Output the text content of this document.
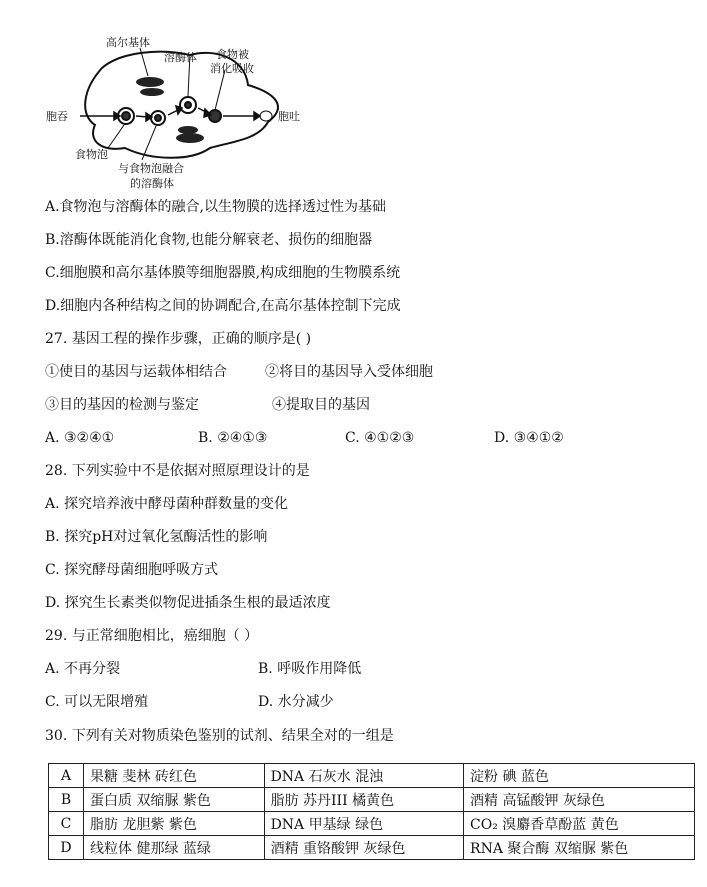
高尔基体
溶酶体 食物被
消化吸收
胞吞	胞吐
食物泡
与食物泡融合
的溶酶体
A.食物泡与溶酶体的融合,以生物膜的选择透过性为基础
B.溶酶体既能消化食物,也能分解衰老、损伤的细胞器
C.细胞膜和高尔基体膜等细胞器膜,构成细胞的生物膜系统
D.细胞内各种结构之间的协调配合,在高尔基体控制下完成
27. 基因工程的操作步骤，正确的顺序是( )
①使目的基因与运载体相结合	②将目的基因导入受体细胞
③目的基因的检测与鉴定	④提取目的基因
A. ③②④①	B. ②④①③	C. ④①②③	D. ③④①②
28. 下列实验中不是依据对照原理设计的是
A. 探究培养液中酵母菌种群数量的变化
B. 探究pH对过氧化氢酶活性的影响
C. 探究酵母菌细胞呼吸方式
D. 探究生长素类似物促进插条生根的最适浓度
29. 与正常细胞相比，癌细胞（ ）
A. 不再分裂	B. 呼吸作用降低
C. 可以无限增殖	D. 水分减少
30. 下列有关对物质染色鉴别的试剂、结果全对的一组是
A	果糖 斐林 砖红色	DNA 石灰水 混浊	淀粉 碘 蓝色
B	蛋白质 双缩脲 紫色	脂肪 苏丹III 橘黄色	酒精 高锰酸钾 灰绿色
C	脂肪 龙胆紫 紫色	DNA 甲基绿 绿色	CO₂ 溴麝香草酚蓝 黄色
D	线粒体 健那绿 蓝绿	酒精 重铬酸钾 灰绿色	RNA 聚合酶 双缩脲 紫色
